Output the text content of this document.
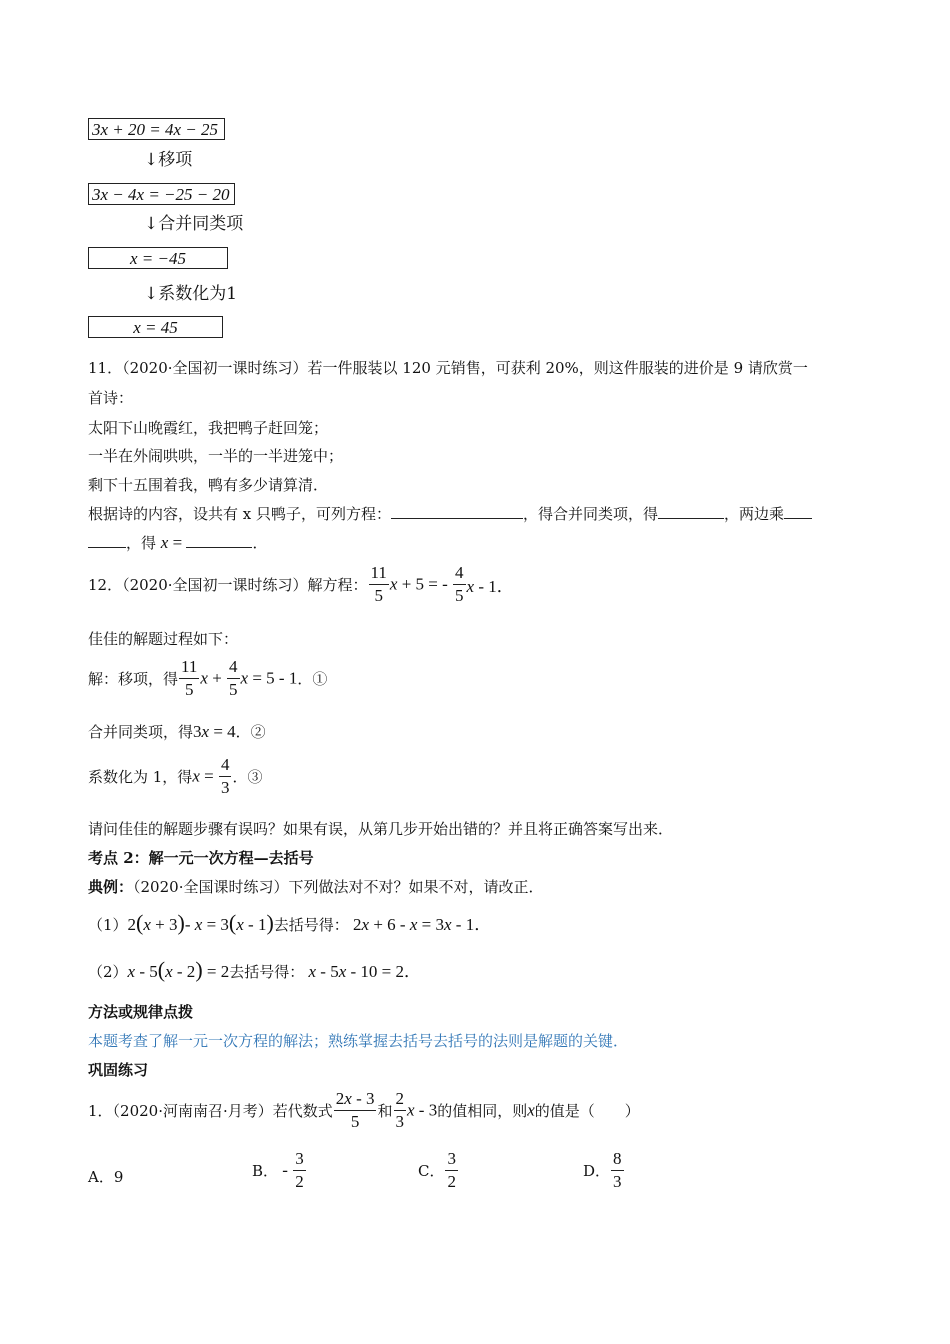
3x + 20 = 4x − 25
↓移项
3x − 4x = −25 − 20
↓合并同类项
x = −45
↓系数化为1
x = 45
11．（2020·全国初一课时练习）若一件服装以 120 元销售，可获利 20%，则这件服装的进价是 9 请欣赏一
首诗：
太阳下山晚霞红，我把鸭子赶回笼；
一半在外闹哄哄，一半的一半进笼中；
剩下十五围着我，鸭有多少请算清．
根据诗的内容，设共有 x 只鸭子，可列方程：	，得合并同类项，得	，两边乘
，得 x =	．
12．（2020·全国初一课时练习）解方程： $\frac{11}{5}$ x + 5 = - $\frac{4}{5}$ x - 1．
佳佳的解题过程如下：
解：移项，得 $\frac{11}{5}$ $x + \frac{4}{5}$ x = 5 - 1．①
合并同类项，得3x = 4．②
系数化为 1，得$x = \frac{4}{3}$ ．③
请问佳佳的解题步骤有误吗？如果有误，从第几步开始出错的？并且将正确答案写出来．
考点 2：解一元一次方程—去括号
典例：（2020·全国课时练习）下列做法对不对？如果不对，请改正．
（1）2(x + 3)- x = 3(x - 1)去括号得： 2x + 6 - x = 3x - 1．
（2）x - 5(x - 2) = 2去括号得： x - 5x - 10 = 2．
方法或规律点拨
本题考查了解一元一次方程的解法；熟练掌握去括号去括号的法则是解题的关键．
巩固练习
1．（2020·河南南召·月考）若代数式 $\frac{2x - 3}{5}$ 和 $\frac{2}{3}$ x - 3的值相同，则x的值是（　　）
A．9	B． - $\frac{3}{2}$	C． $\frac{3}{2}$	D． $\frac{8}{3}$
